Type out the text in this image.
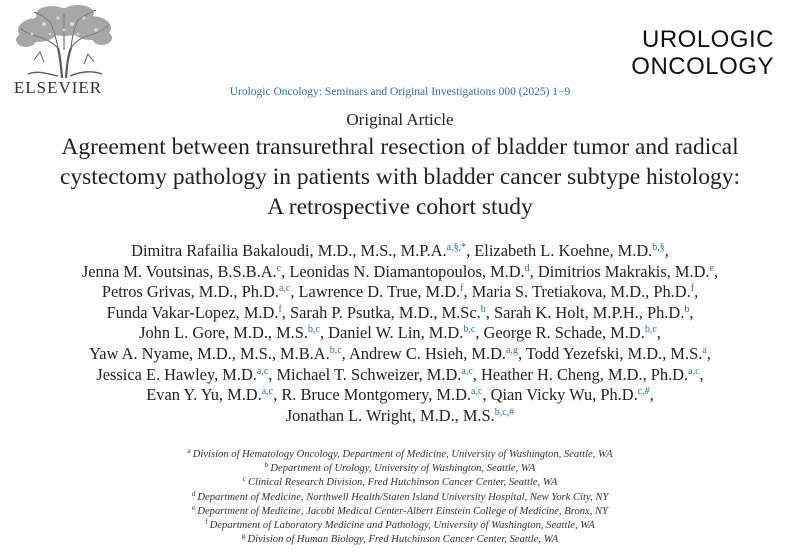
ELSEVIER
UROLOGIC
ONCOLOGY
Urologic Oncology: Seminars and Original Investigations 000 (2025) 1−9
Original Article
Agreement between transurethral resection of bladder tumor and radical
cystectomy pathology in patients with bladder cancer subtype histology:
A retrospective cohort study
Dimitra Rafailia Bakaloudi, M.D., M.S., M.P.A.$^{a,\S,*}$, Elizabeth L. Koehne, M.D.$^{b,\S}$,
Jenna M. Voutsinas, B.S.B.A.$^c$, Leonidas N. Diamantopoulos, M.D.$^d$, Dimitrios Makrakis, M.D.$^e$,
Petros Grivas, M.D., Ph.D.$^{a,c}$, Lawrence D. True, M.D.$^f$, Maria S. Tretiakova, M.D., Ph.D.$^f$,
Funda Vakar-Lopez, M.D.$^f$, Sarah P. Psutka, M.D., M.Sc.$^b$, Sarah K. Holt, M.P.H., Ph.D.$^b$,
John L. Gore, M.D., M.S.$^{b,c}$, Daniel W. Lin, M.D.$^{b,c}$, George R. Schade, M.D.$^{b,c}$,
Yaw A. Nyame, M.D., M.S., M.B.A.$^{b,c}$, Andrew C. Hsieh, M.D.$^{a,g}$, Todd Yezefski, M.D., M.S.$^a$,
Jessica E. Hawley, M.D.$^{a,c}$, Michael T. Schweizer, M.D.$^{a,c}$, Heather H. Cheng, M.D., Ph.D.$^{a,c}$,
Evan Y. Yu, M.D.$^{a,c}$, R. Bruce Montgomery, M.D.$^{a,c}$, Qian Vicky Wu, Ph.D.$^{c,\#}$,
Jonathan L. Wright, M.D., M.S.$^{b,c,\#}$
$^a$ Division of Hematology Oncology, Department of Medicine, University of Washington, Seattle, WA
$^b$ Department of Urology, University of Washington, Seattle, WA
$^c$ Clinical Research Division, Fred Hutchinson Cancer Center, Seattle, WA
$^d$ Department of Medicine, Northwell Health/Staten Island University Hospital, New York City, NY
$^e$ Department of Medicine, Jacobi Medical Center-Albert Einstein College of Medicine, Bronx, NY
$^f$ Department of Laboratory Medicine and Pathology, University of Washington, Seattle, WA
$^g$ Division of Human Biology, Fred Hutchinson Cancer Center, Seattle, WA
